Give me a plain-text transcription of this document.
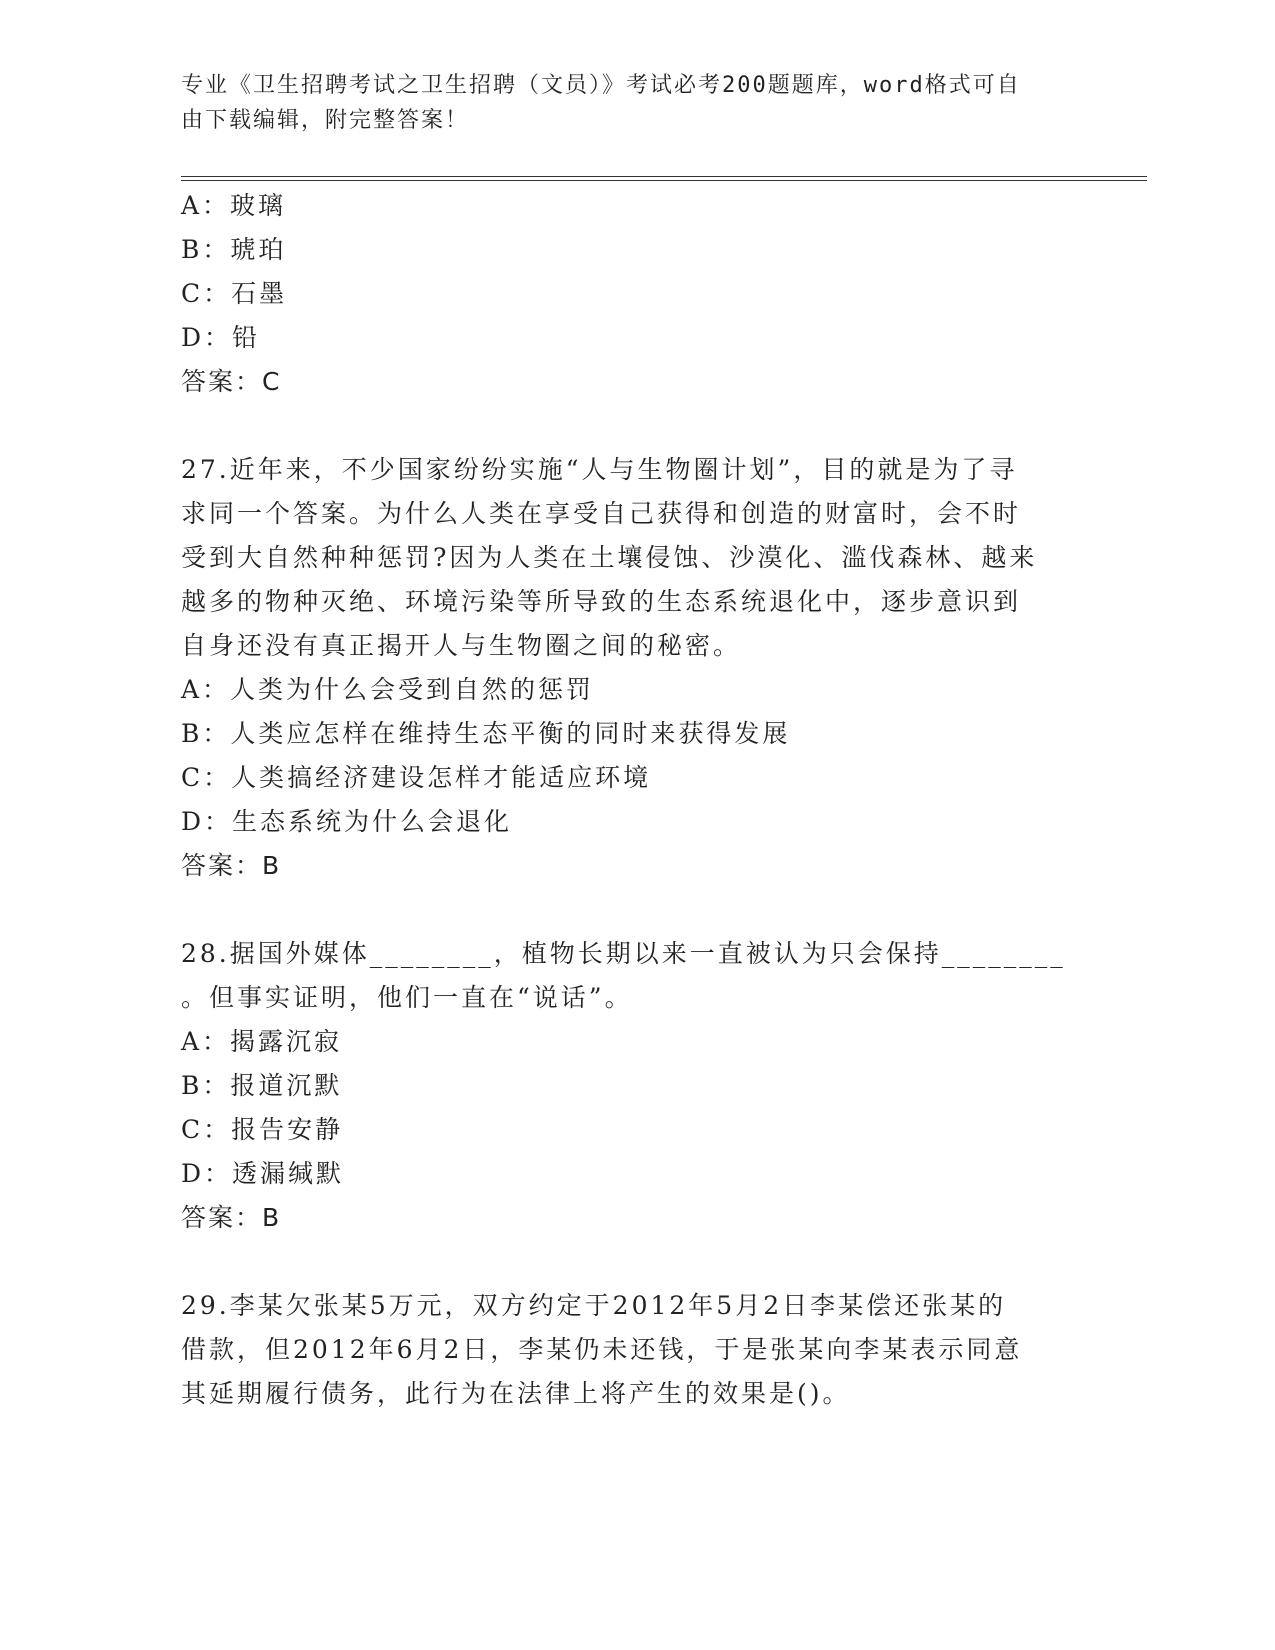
专业《卫生招聘考试之卫生招聘（文员）》考试必考200题题库，word格式可自
由下载编辑，附完整答案！
A：玻璃
B：琥珀
C：石墨
D：铅
答案：C
27.近年来，不少国家纷纷实施“人与生物圈计划”，目的就是为了寻
求同一个答案。为什么人类在享受自己获得和创造的财富时，会不时
受到大自然种种惩罚?因为人类在土壤侵蚀、沙漠化、滥伐森林、越来
越多的物种灭绝、环境污染等所导致的生态系统退化中，逐步意识到
自身还没有真正揭开人与生物圈之间的秘密。
A：人类为什么会受到自然的惩罚
B：人类应怎样在维持生态平衡的同时来获得发展
C：人类搞经济建设怎样才能适应环境
D：生态系统为什么会退化
答案：B
28.据国外媒体________，植物长期以来一直被认为只会保持________
。但事实证明，他们一直在“说话”。
A：揭露沉寂
B：报道沉默
C：报告安静
D：透漏缄默
答案：B
29.李某欠张某5万元，双方约定于2012年5月2日李某偿还张某的
借款，但2012年6月2日，李某仍未还钱，于是张某向李某表示同意
其延期履行债务，此行为在法律上将产生的效果是()。
